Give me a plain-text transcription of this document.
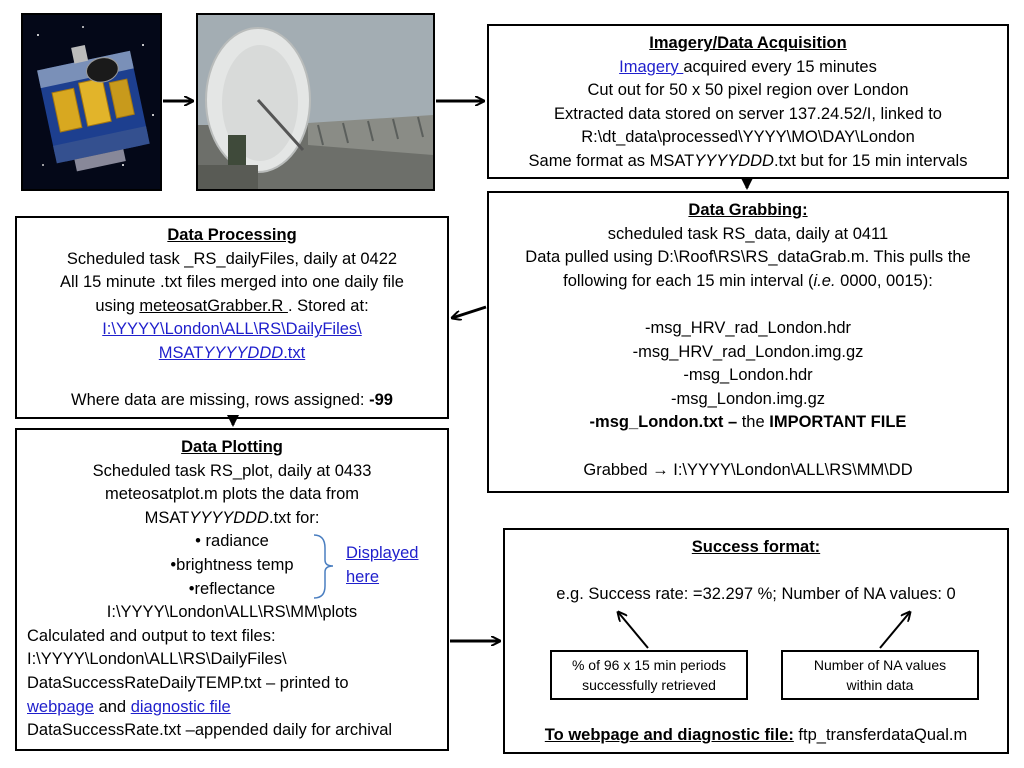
Imagery/Data Acquisition
Imagery acquired every 15 minutes
Cut out for 50 x 50 pixel region over London
Extracted data stored on server 137.24.52/I, linked to
R:\dt_data\processed\YYYY\MO\DAY\London
Same format as MSATYYYYDDD.txt but for 15 min intervals
Data Grabbing:
scheduled task RS_data, daily at 0411
Data pulled using D:\Roof\RS\RS_dataGrab.m. This pulls the
following for each 15 min interval (i.e. 0000, 0015):
-msg_HRV_rad_London.hdr
-msg_HRV_rad_London.img.gz
-msg_London.hdr
-msg_London.img.gz
-msg_London.txt – the IMPORTANT FILE
Grabbed → I:\YYYY\London\ALL\RS\MM\DD
Data Processing
Scheduled task _RS_dailyFiles, daily at 0422
All 15 minute .txt files merged into one daily file
using meteosatGrabber.R . Stored at:
I:\YYYY\London\ALL\RS\DailyFiles\
MSATYYYYDDD.txt
Where data are missing, rows assigned: -99
Data Plotting
Scheduled task RS_plot, daily at 0433
meteosatplot.m plots the data from
MSATYYYYDDD.txt for:
• radiance
•brightness temp
•reflectance
I:\YYYY\London\ALL\RS\MM\plots
Calculated and output to text files:
I:\YYYY\London\ALL\RS\DailyFiles\
DataSuccessRateDailyTEMP.txt – printed to
webpage and diagnostic file
DataSuccessRate.txt –appended daily for archival
Displayed
here
Success format:
e.g. Success rate: =32.297 %; Number of NA values: 0
To webpage and diagnostic file: ftp_transferdataQual.m
% of 96 x 15 min periods
successfully retrieved
Number of NA values
within data
